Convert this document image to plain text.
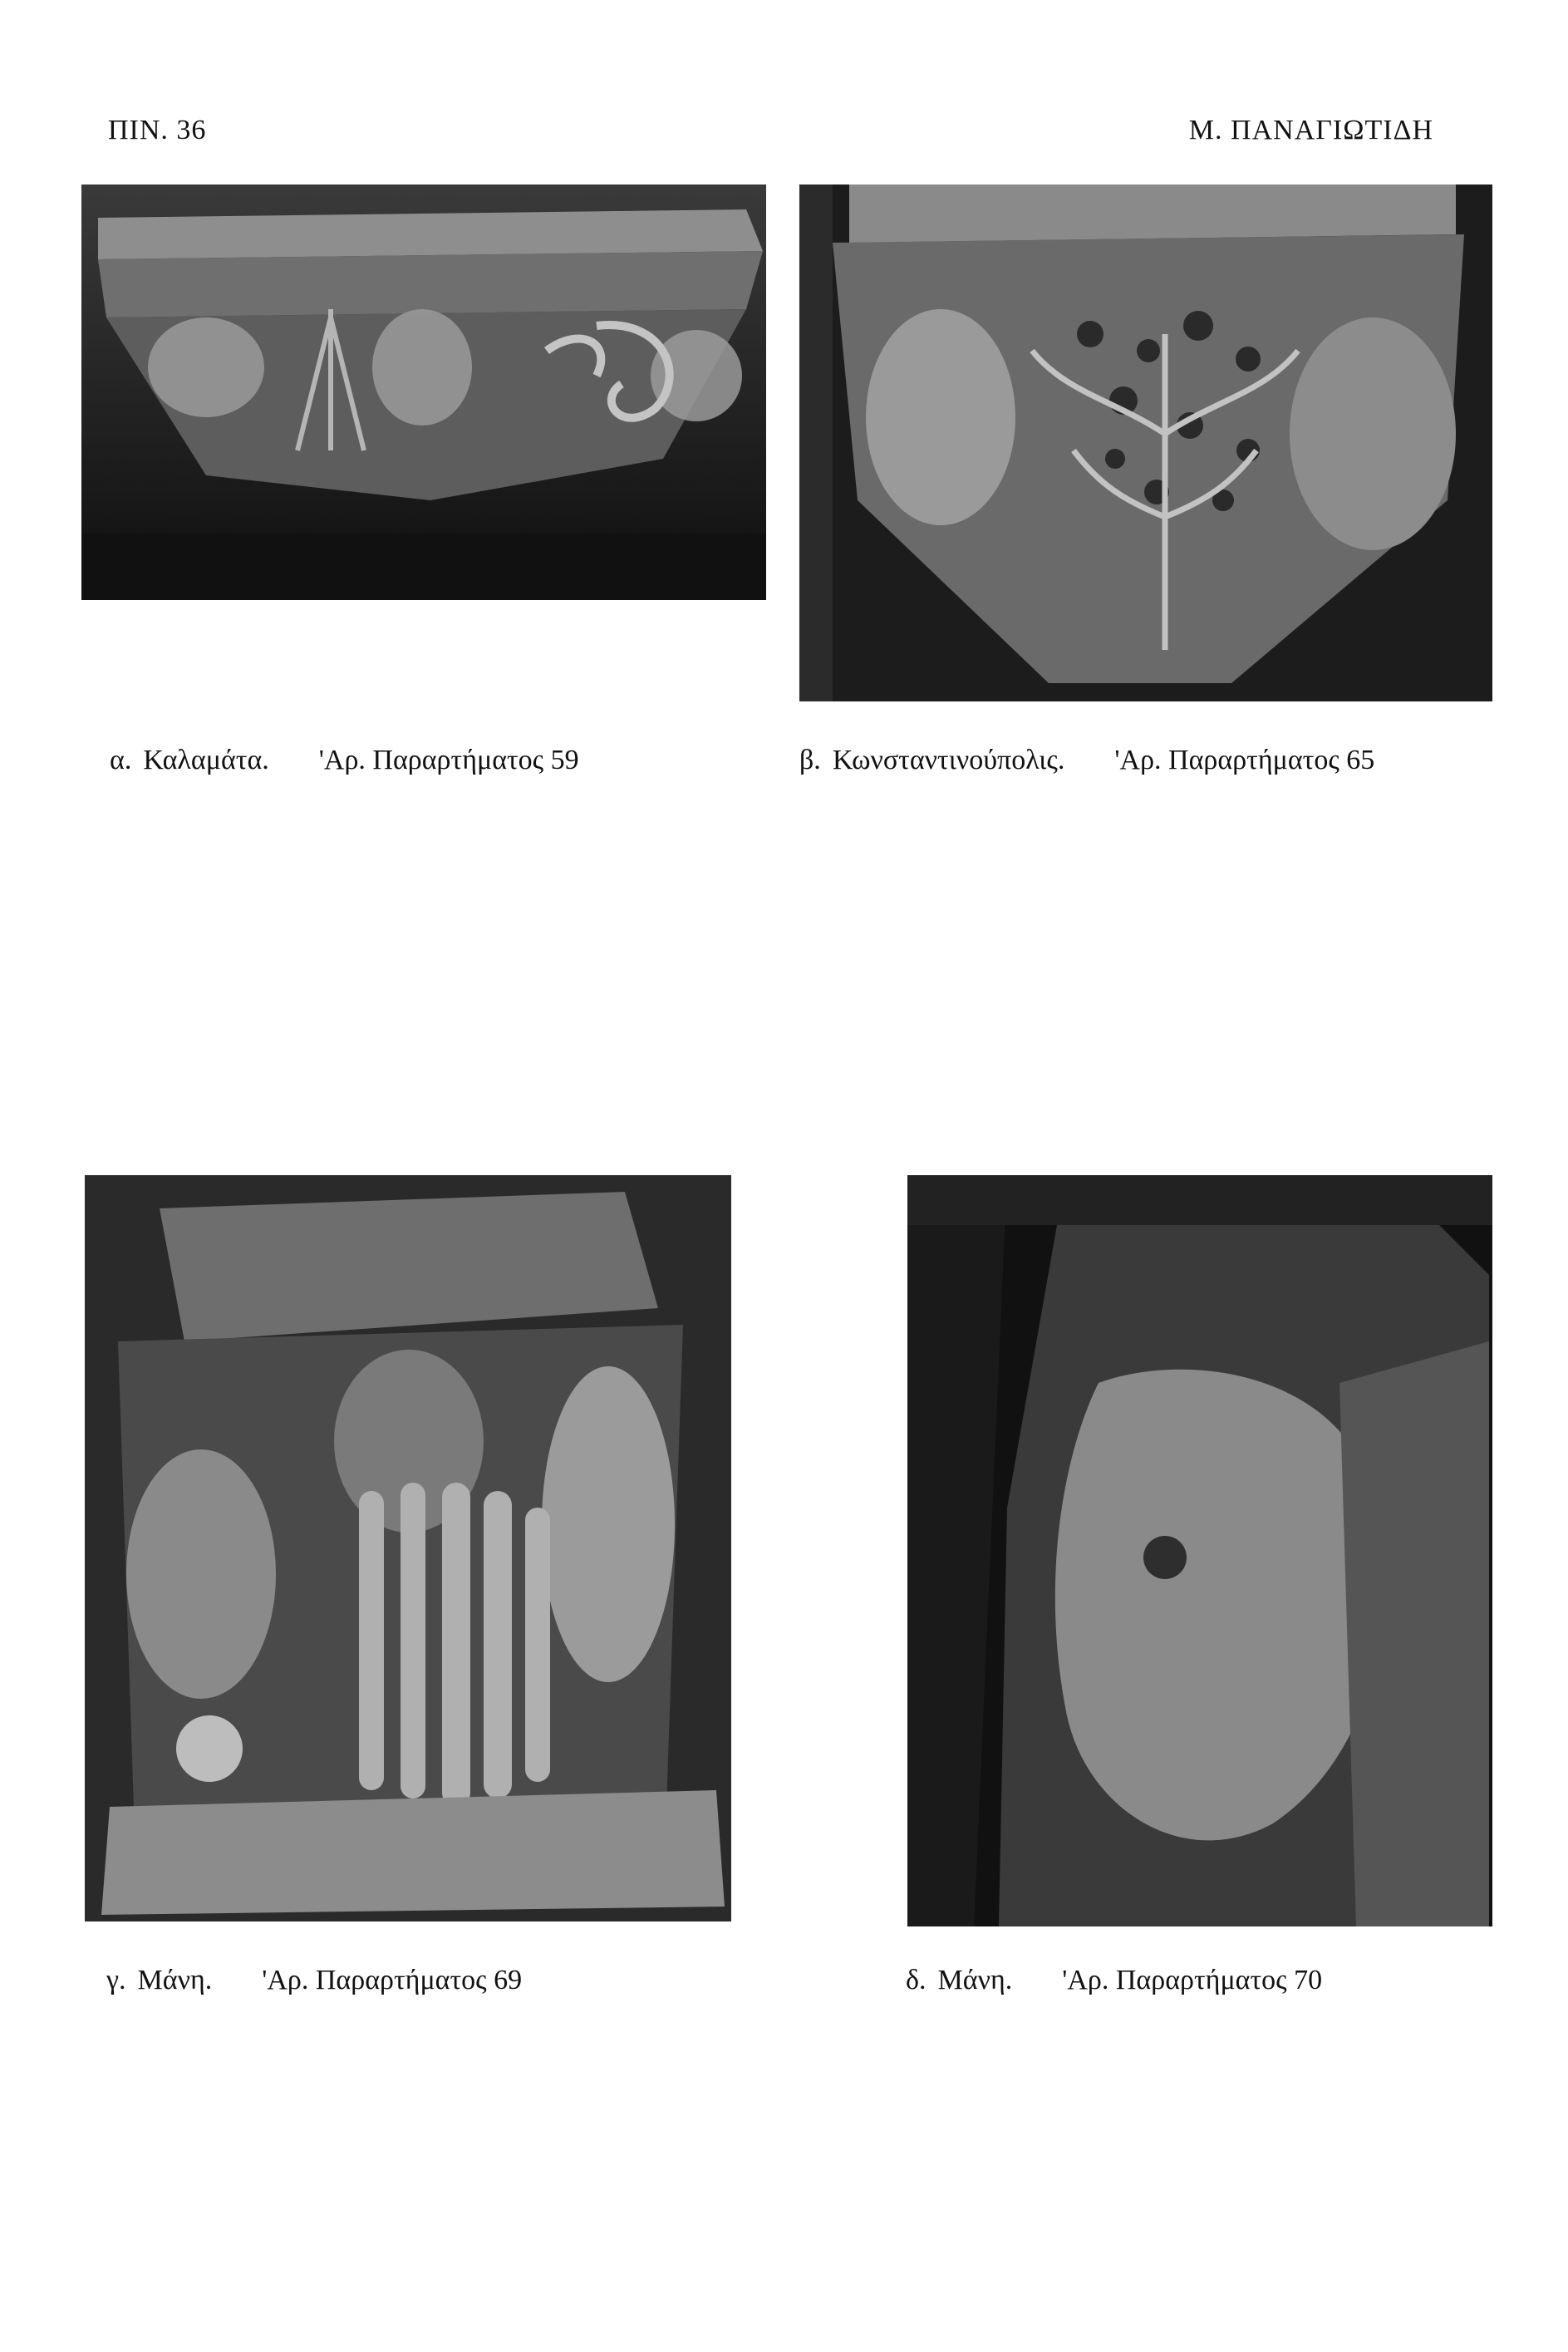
ΠΙΝ. 36	Μ. ΠΑΝΑΓΙΩΤΙΔΗ
α. Καλαμάτα. 'Αρ. Παραρτήματος 59	β. Κωνσταντινούπολις. 'Αρ. Παραρτήματος 65
γ. Μάνη. 'Αρ. Παραρτήματος 69	δ. Μάνη. 'Αρ. Παραρτήματος 70
